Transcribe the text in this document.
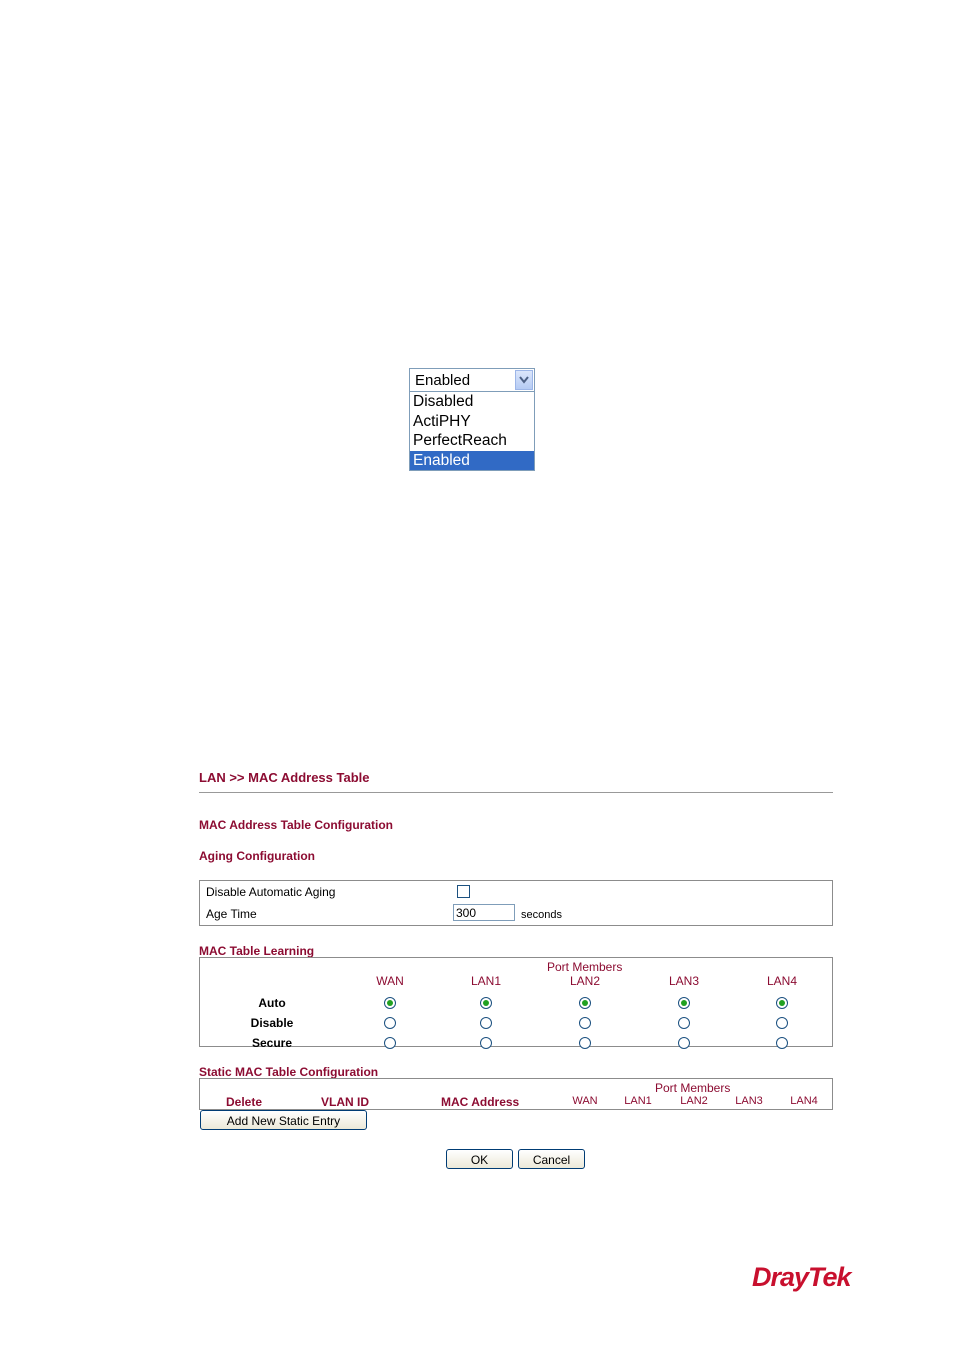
Enabled
Disabled
ActiPHY
PerfectReach
Enabled
LAN >> MAC Address Table
MAC Address Table Configuration
Aging Configuration
Disable Automatic Aging
Age Time
300	seconds
MAC Table Learning
Port Members
WAN	LAN1	LAN2	LAN3	LAN4
Auto
Disable
Secure
Static MAC Table Configuration
Port Members
Delete	VLAN ID	MAC Address	WAN	LAN1	LAN2	LAN3	LAN4
Add New Static Entry
OK	Cancel
DrayTek
